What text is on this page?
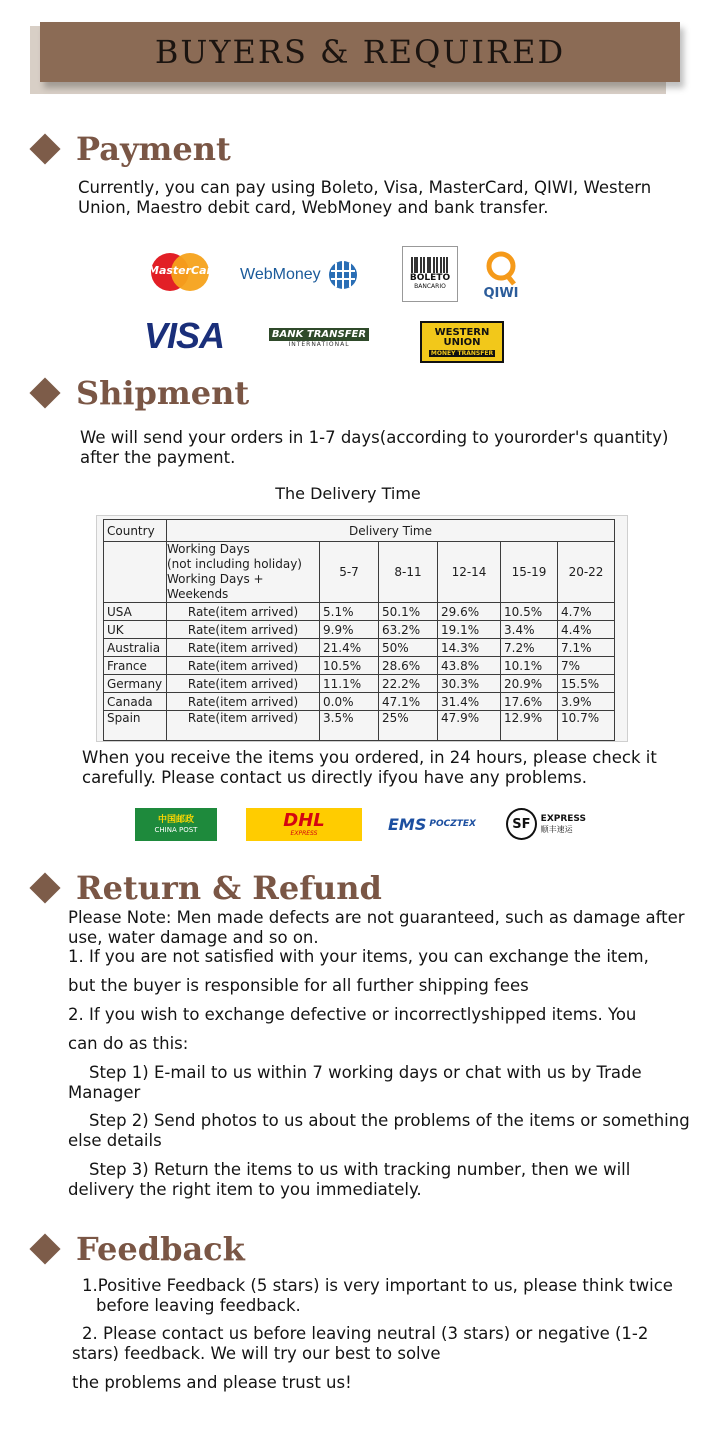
BUYERS & REQUIRED
Payment
Currently, you can pay using Boleto, Visa, MasterCard, QIWI, Western Union, Maestro debit card, WebMoney and bank transfer.
MasterCard WebMoney	BOLETO
BANCARIO	QIWI
VISA	BANK TRANSFER
INTERNATIONAL
WESTERN
UNION
MONEY TRANSFER
Shipment
We will send your orders in 1-7 days(according to yourorder's quantity) after the payment.
The Delivery Time
Country	Delivery Time					
	Working Days
(not including holiday)
Working Days + Weekends	5-7	8-11	12-14	15-19	20-22
USA	Rate(item arrived)	5.1%	50.1%	29.6%	10.5%	4.7%
UK	Rate(item arrived)	9.9%	63.2%	19.1%	3.4%	4.4%
Australia	Rate(item arrived)	21.4%	50%	14.3%	7.2%	7.1%
France	Rate(item arrived)	10.5%	28.6%	43.8%	10.1%	7%
Germany	Rate(item arrived)	11.1%	22.2%	30.3%	20.9%	15.5%
Canada	Rate(item arrived)	0.0%	47.1%	31.4%	17.6%	3.9%
Spain	Rate(item arrived)	3.5%	25%	47.9%	12.9%	10.7%
When you receive the items you ordered, in 24 hours, please check it carefully. Please contact us directly ifyou have any problems.
中国邮政
CHINA POST	DHL
EXPRESS	EMS POCZTEX	SF	EXPRESS
顺丰速运
Return & Refund
Please Note: Men made defects are not guaranteed, such as damage after use, water damage and so on.
1. If you are not satisfied with your items, you can exchange the item,
but the buyer is responsible for all further shipping fees
2. If you wish to exchange defective or incorrectlyshipped items. You
can do as this:
Step 1) E-mail to us within 7 working days or chat with us by Trade Manager
Step 2) Send photos to us about the problems of the items or something else details
Step 3) Return the items to us with tracking number, then we will delivery the right item to you immediately.
Feedback
1.Positive Feedback (5 stars) is very important to us, please think twice before leaving feedback.
2. Please contact us before leaving neutral (3 stars) or negative (1-2 stars) feedback. We will try our best to solve
the problems and please trust us!
